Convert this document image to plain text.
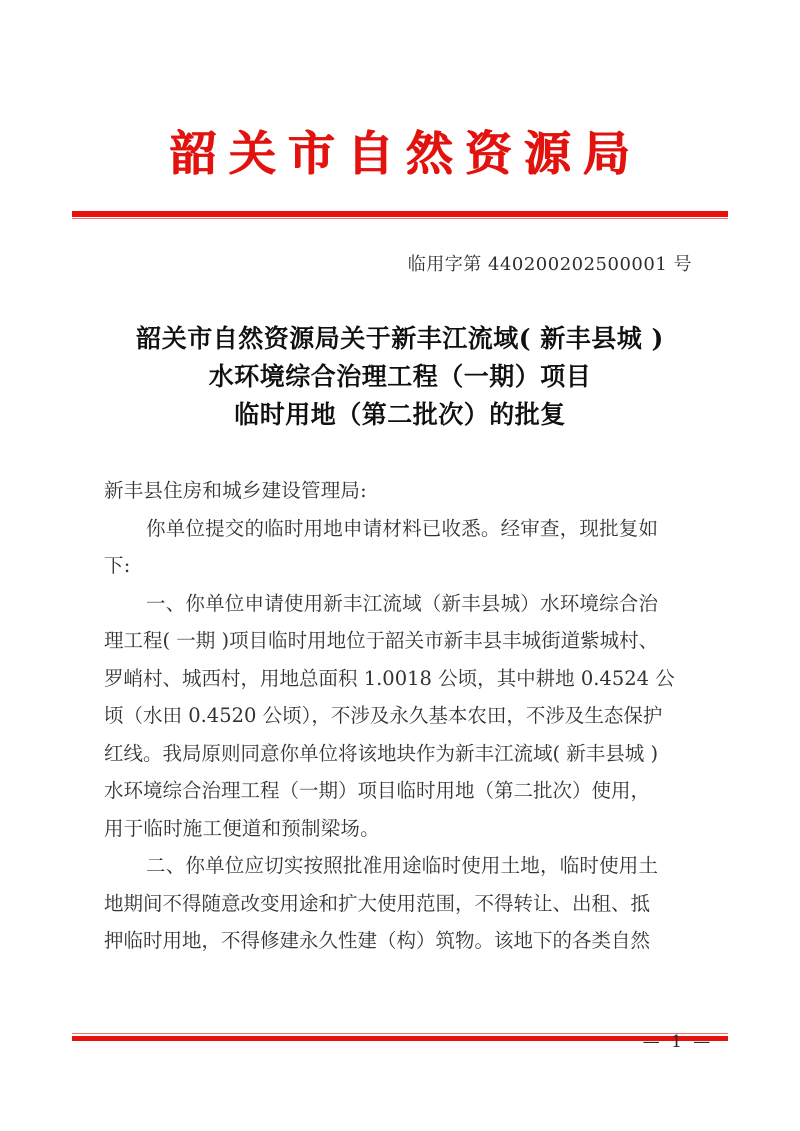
韶关市自然资源局
临用字第 440200202500001 号
韶关市自然资源局关于新丰江流域( 新丰县城 )
水环境综合治理工程（一期）项目
临时用地（第二批次）的批复
新丰县住房和城乡建设管理局:
你单位提交的临时用地申请材料已收悉。经审查，现批复如
下:
一、你单位申请使用新丰江流域（新丰县城）水环境综合治
理工程( 一期 )项目临时用地位于韶关市新丰县丰城街道紫城村、
罗峭村、城西村，用地总面积 1.0018 公顷，其中耕地 0.4524 公
顷（水田 0.4520 公顷），不涉及永久基本农田，不涉及生态保护
红线。我局原则同意你单位将该地块作为新丰江流域( 新丰县城 )
水环境综合治理工程（一期）项目临时用地（第二批次）使用，
用于临时施工便道和预制梁场。
二、你单位应切实按照批准用途临时使用土地，临时使用土
地期间不得随意改变用途和扩大使用范围，不得转让、出租、抵
押临时用地，不得修建永久性建（构）筑物。该地下的各类自然
— 1 —
